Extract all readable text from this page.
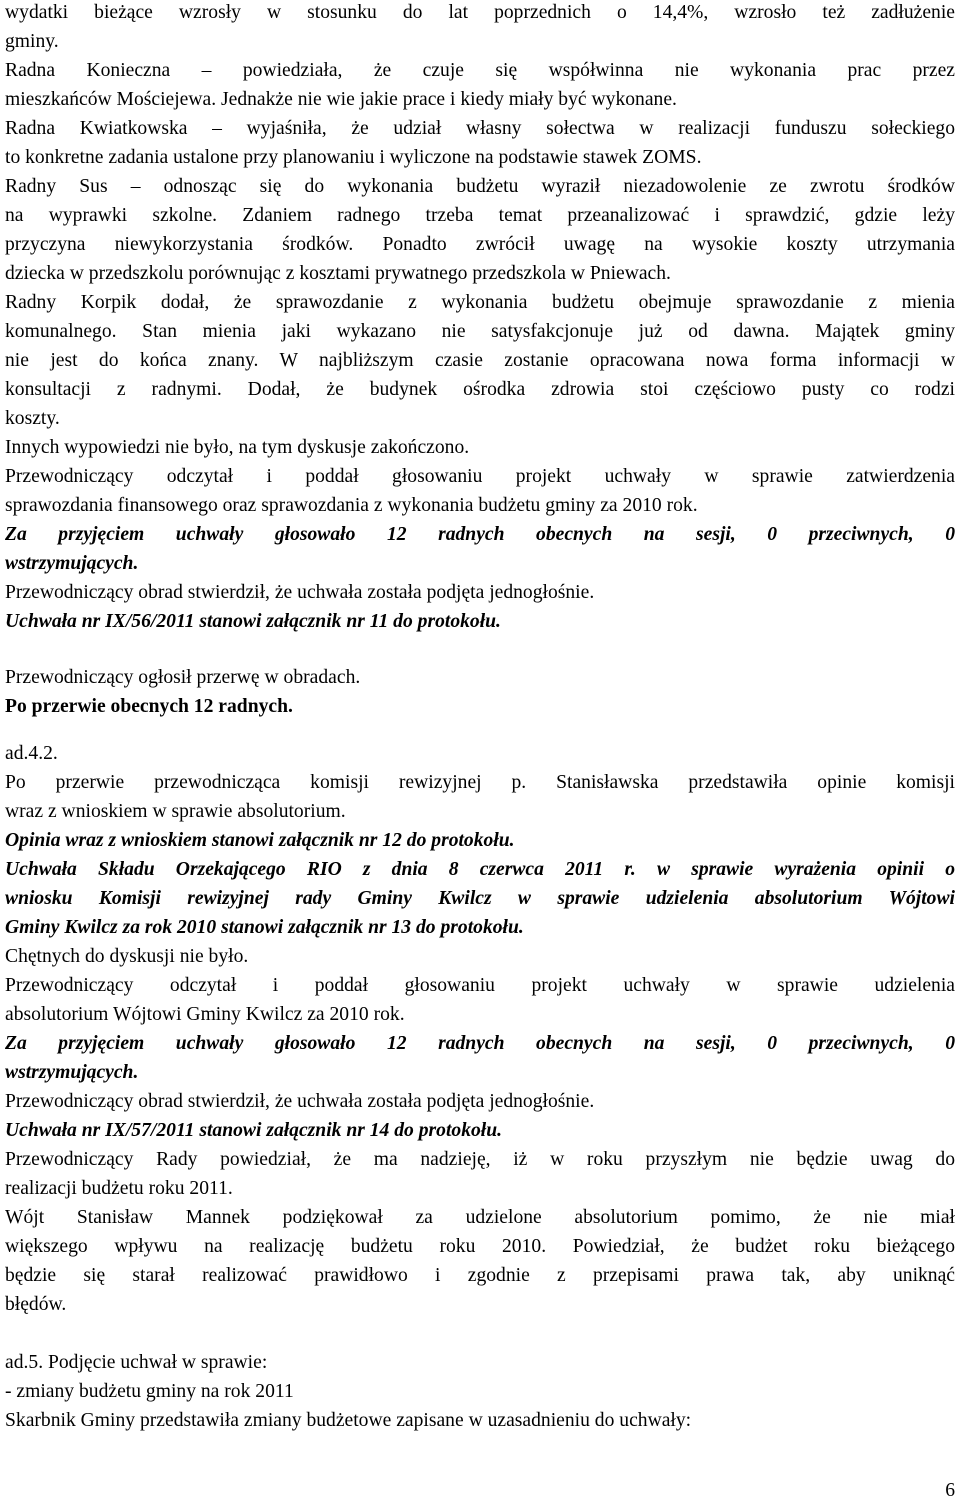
wydatki bieżące wzrosły w stosunku do lat poprzednich o 14,4%, wzrosło też zadłużenie
gminy.
Radna Konieczna – powiedziała, że czuje się współwinna nie wykonania prac przez
mieszkańców Mościejewa. Jednakże nie wie jakie prace i kiedy miały być wykonane.
Radna Kwiatkowska – wyjaśniła, że udział własny sołectwa w realizacji funduszu sołeckiego
to konkretne zadania ustalone przy planowaniu i wyliczone na podstawie stawek ZOMS.
Radny Sus – odnosząc się do wykonania budżetu wyraził niezadowolenie ze zwrotu środków
na wyprawki szkolne. Zdaniem radnego trzeba temat przeanalizować i sprawdzić, gdzie leży
przyczyna niewykorzystania środków. Ponadto zwrócił uwagę na wysokie koszty utrzymania
dziecka w przedszkolu porównując z kosztami prywatnego przedszkola w Pniewach.
Radny Korpik dodał, że sprawozdanie z wykonania budżetu obejmuje sprawozdanie z mienia
komunalnego. Stan mienia jaki wykazano nie satysfakcjonuje już od dawna. Majątek gminy
nie jest do końca znany. W najbliższym czasie zostanie opracowana nowa forma informacji w
konsultacji z radnymi. Dodał, że budynek ośrodka zdrowia stoi częściowo pusty co rodzi
koszty.
Innych wypowiedzi nie było, na tym dyskusje zakończono.
Przewodniczący odczytał i poddał głosowaniu projekt uchwały w sprawie zatwierdzenia
sprawozdania finansowego oraz sprawozdania z wykonania budżetu gminy za 2010 rok.
Za przyjęciem uchwały głosowało 12 radnych obecnych na sesji, 0 przeciwnych, 0
wstrzymujących.
Przewodniczący obrad stwierdził, że uchwała została podjęta jednogłośnie.
Uchwała nr IX/56/2011 stanowi załącznik nr 11 do protokołu.
Przewodniczący ogłosił przerwę w obradach.
Po przerwie obecnych 12 radnych.
ad.4.2.
Po przerwie przewodnicząca komisji rewizyjnej p. Stanisławska przedstawiła opinie komisji
wraz z wnioskiem w sprawie absolutorium.
Opinia wraz z wnioskiem stanowi załącznik nr 12 do protokołu.
Uchwała Składu Orzekającego RIO z dnia 8 czerwca 2011 r. w sprawie wyrażenia opinii o
wniosku Komisji rewizyjnej rady Gminy Kwilcz w sprawie udzielenia absolutorium Wójtowi
Gminy Kwilcz za rok 2010 stanowi załącznik nr 13 do protokołu.
Chętnych do dyskusji nie było.
Przewodniczący odczytał i poddał głosowaniu projekt uchwały w sprawie udzielenia
absolutorium Wójtowi Gminy Kwilcz za 2010 rok.
Za przyjęciem uchwały głosowało 12 radnych obecnych na sesji, 0 przeciwnych, 0
wstrzymujących.
Przewodniczący obrad stwierdził, że uchwała została podjęta jednogłośnie.
Uchwała nr IX/57/2011 stanowi załącznik nr 14 do protokołu.
Przewodniczący Rady powiedział, że ma nadzieję, iż w roku przyszłym nie będzie uwag do
realizacji budżetu roku 2011.
Wójt Stanisław Mannek podziękował za udzielone absolutorium pomimo, że nie miał
większego wpływu na realizację budżetu roku 2010. Powiedział, że budżet roku bieżącego
będzie się starał realizować prawidłowo i zgodnie z przepisami prawa tak, aby uniknąć
błędów.
ad.5. Podjęcie uchwał w sprawie:
- zmiany budżetu gminy na rok 2011
Skarbnik Gminy przedstawiła zmiany budżetowe zapisane w uzasadnieniu do uchwały:
6
